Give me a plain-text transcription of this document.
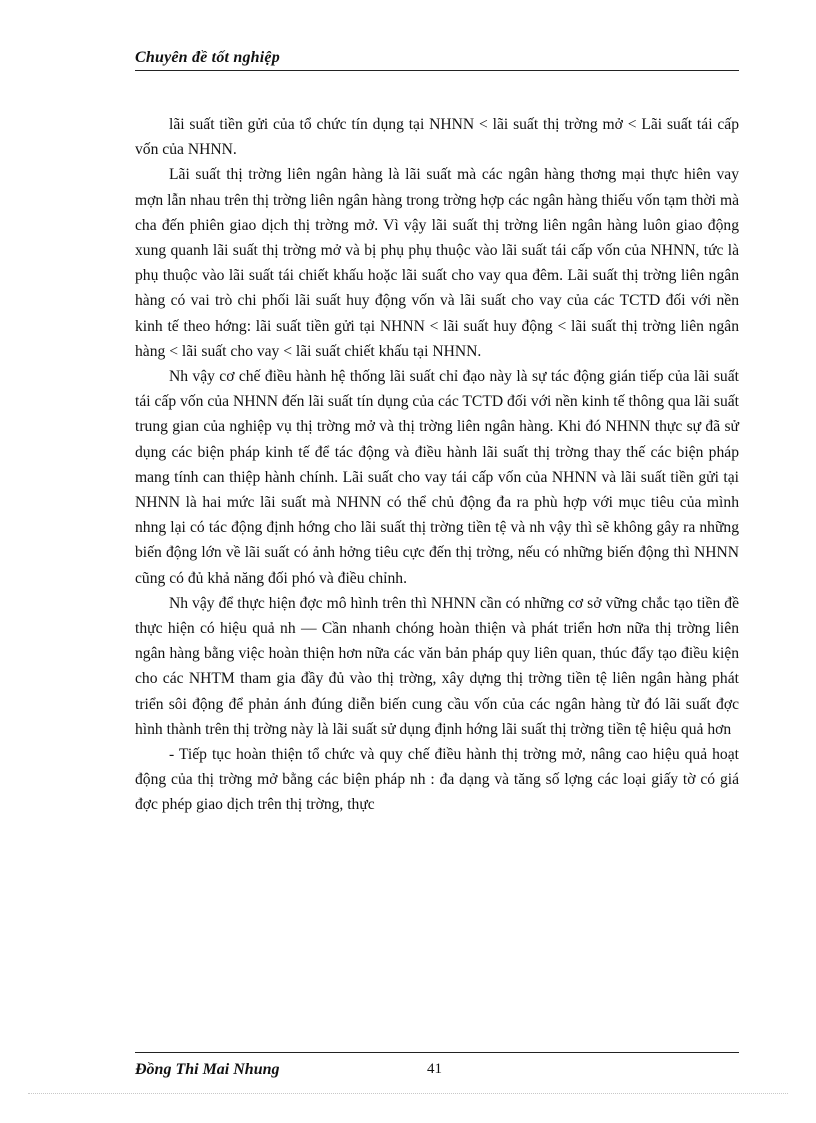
Chuyên đề tốt nghiệp

lãi suất tiền gửi của tổ chức tín dụng tại NHNN < lãi suất thị trờng mở < Lãi suất tái cấp vốn của NHNN.

Lãi suất thị trờng liên ngân hàng là lãi suất mà các ngân hàng thơng mại thực hiên vay mợn lẫn nhau trên thị trờng liên ngân hàng trong trờng hợp các ngân hàng thiếu vốn tạm thời mà cha đến phiên giao dịch thị trờng mở. Vì vậy lãi suất thị trờng liên ngân hàng luôn giao động xung quanh lãi suất thị trờng mở và bị phụ phụ thuộc vào lãi suất tái cấp vốn của NHNN, tức là phụ thuộc vào lãi suất tái chiết khấu hoặc lãi suất cho vay qua đêm. Lãi suất thị trờng liên ngân hàng có vai trò chi phối lãi suất huy động vốn và lãi suất cho vay của các TCTD đối với nền kinh tế theo hớng: lãi suất tiền gửi tại NHNN < lãi suất huy động < lãi suất thị trờng liên ngân hàng < lãi suất cho vay < lãi suất chiết khấu tại NHNN.

Nh vậy cơ chế điều hành hệ thống lãi suất chỉ đạo này là sự tác động gián tiếp của lãi suất tái cấp vốn của NHNN đến lãi suất tín dụng của các TCTD đối với nền kinh tế thông qua lãi suất trung gian của nghiệp vụ thị trờng mở và thị trờng liên ngân hàng. Khi đó NHNN thực sự đã sử dụng các biện pháp kinh tế để tác động và điều hành lãi suất thị trờng thay thế các biện pháp mang tính can thiệp hành chính. Lãi suất cho vay tái cấp vốn của NHNN và lãi suất tiền gửi tại NHNN là hai mức lãi suất mà NHNN có thể chủ động đa ra phù hợp với mục tiêu của mình nhng lại có tác động định hớng cho lãi suất thị trờng tiền tệ và nh vậy thì sẽ không gây ra những biến động lớn về lãi suất có ảnh hởng tiêu cực đến thị trờng, nếu có những biến động thì NHNN cũng có đủ khả năng đối phó và điều chỉnh.

Nh vậy để thực hiện đợc mô hình trên thì NHNN cần có những cơ sở vững chắc tạo tiền đề thực hiện có hiệu quả nh — Cần nhanh chóng hoàn thiện và phát triển hơn nữa thị trờng liên ngân hàng bằng việc hoàn thiện hơn nữa các văn bản pháp quy liên quan, thúc đẩy tạo điều kiện cho các NHTM tham gia đầy đủ vào thị trờng, xây dựng thị trờng tiền tệ liên ngân hàng phát triển sôi động để phản ánh đúng diễn biến cung cầu vốn của các ngân hàng từ đó lãi suất đợc hình thành trên thị trờng này là lãi suất sử dụng định hớng lãi suất thị trờng tiền tệ hiệu quả hơn

- Tiếp tục hoàn thiện tổ chức và quy chế điều hành thị trờng mở, nâng cao hiệu quả hoạt động của thị trờng mở bằng các biện pháp nh : đa dạng và tăng số lợng các loại giấy tờ có giá đợc phép giao dịch trên thị trờng, thực

Đồng Thi Mai Nhung	41
